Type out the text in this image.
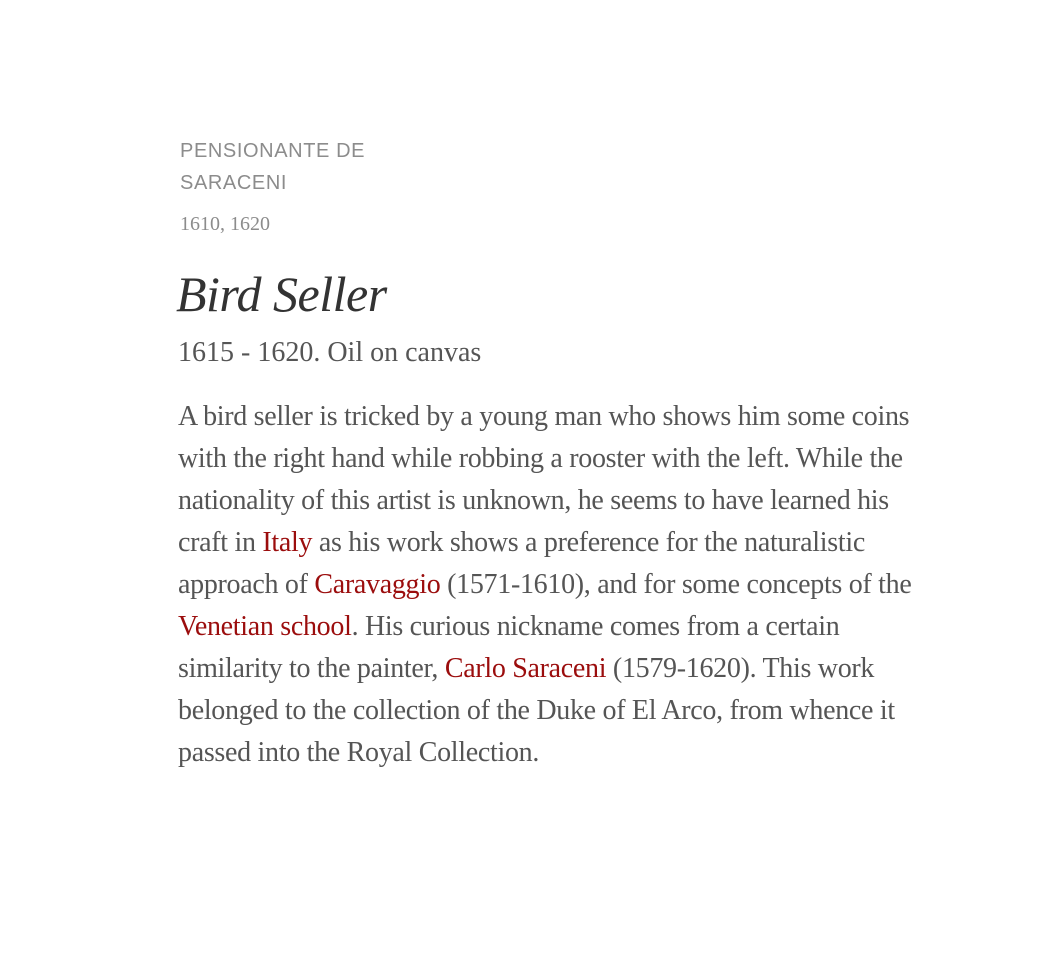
PENSIONANTE DE SARACENI
1610, 1620
Bird Seller
1615 - 1620. Oil on canvas

A bird seller is tricked by a young man who shows him some coins with the right hand while robbing a rooster with the left. While the nationality of this artist is unknown, he seems to have learned his craft in Italy as his work shows a preference for the naturalistic approach of Caravaggio (1571-1610), and for some concepts of the Venetian school. His curious nickname comes from a certain similarity to the painter, Carlo Saraceni (1579-1620). This work belonged to the collection of the Duke of El Arco, from whence it passed into the Royal Collection.
